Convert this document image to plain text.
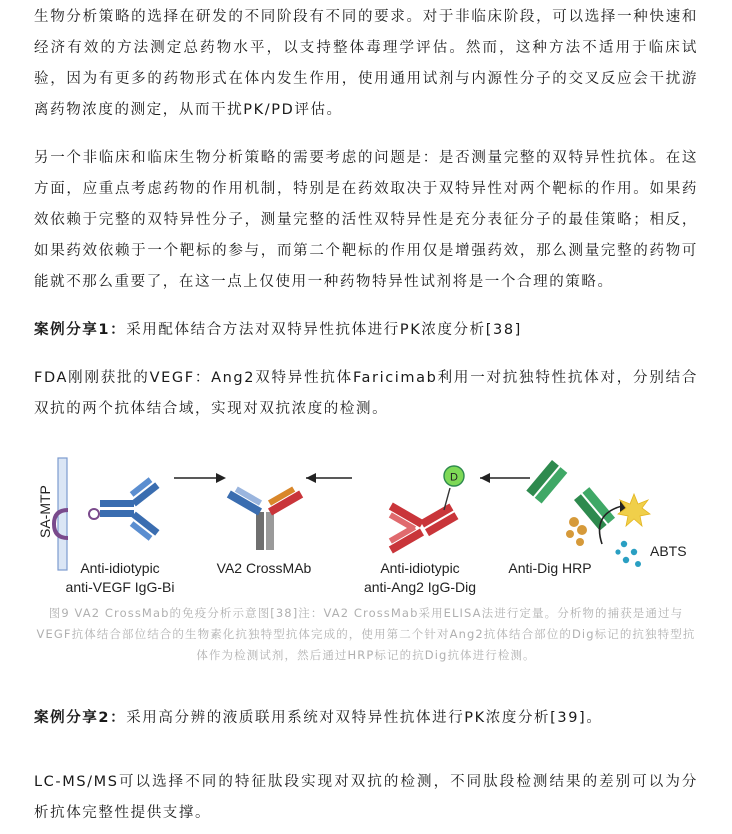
生物分析策略的选择在研发的不同阶段有不同的要求。对于非临床阶段，可以选择一种快速和经济有效的方法测定总药物水平，以支持整体毒理学评估。然而，这种方法不适用于临床试验，因为有更多的药物形式在体内发生作用，使用通用试剂与内源性分子的交叉反应会干扰游离药物浓度的测定，从而干扰PK/PD评估。

另一个非临床和临床生物分析策略的需要考虑的问题是：是否测量完整的双特异性抗体。在这方面，应重点考虑药物的作用机制，特别是在药效取决于双特异性对两个靶标的作用。如果药效依赖于完整的双特异性分子，测量完整的活性双特异性是充分表征分子的最佳策略；相反，如果药效依赖于一个靶标的参与，而第二个靶标的作用仅是增强药效，那么测量完整的药物可能就不那么重要了，在这一点上仅使用一种药物特异性试剂将是一个合理的策略。

案例分享1：采用配体结合方法对双特异性抗体进行PK浓度分析[38]

FDA刚刚获批的VEGF：Ang2双特异性抗体Faricimab利用一对抗独特性抗体对，分别结合双抗的两个抗体结合域，实现对双抗浓度的检测。

SA-MTP
D
ABTS
Anti-idiotypic
anti-VEGF IgG-Bi
VA2 CrossMAb	Anti-idiotypic
anti-Ang2 IgG-Dig
Anti-Dig HRP

图9 VA2 CrossMab的免疫分析示意图[38]注：VA2 CrossMab采用ELISA法进行定量。分析物的捕获是通过与VEGF抗体结合部位结合的生物素化抗独特型抗体完成的，使用第二个针对Ang2抗体结合部位的Dig标记的抗独特型抗体作为检测试剂，然后通过HRP标记的抗Dig抗体进行检测。

案例分享2：采用高分辨的液质联用系统对双特异性抗体进行PK浓度分析[39]。

LC-MS/MS可以选择不同的特征肽段实现对双抗的检测，不同肽段检测结果的差别可以为分析抗体完整性提供支撑。
